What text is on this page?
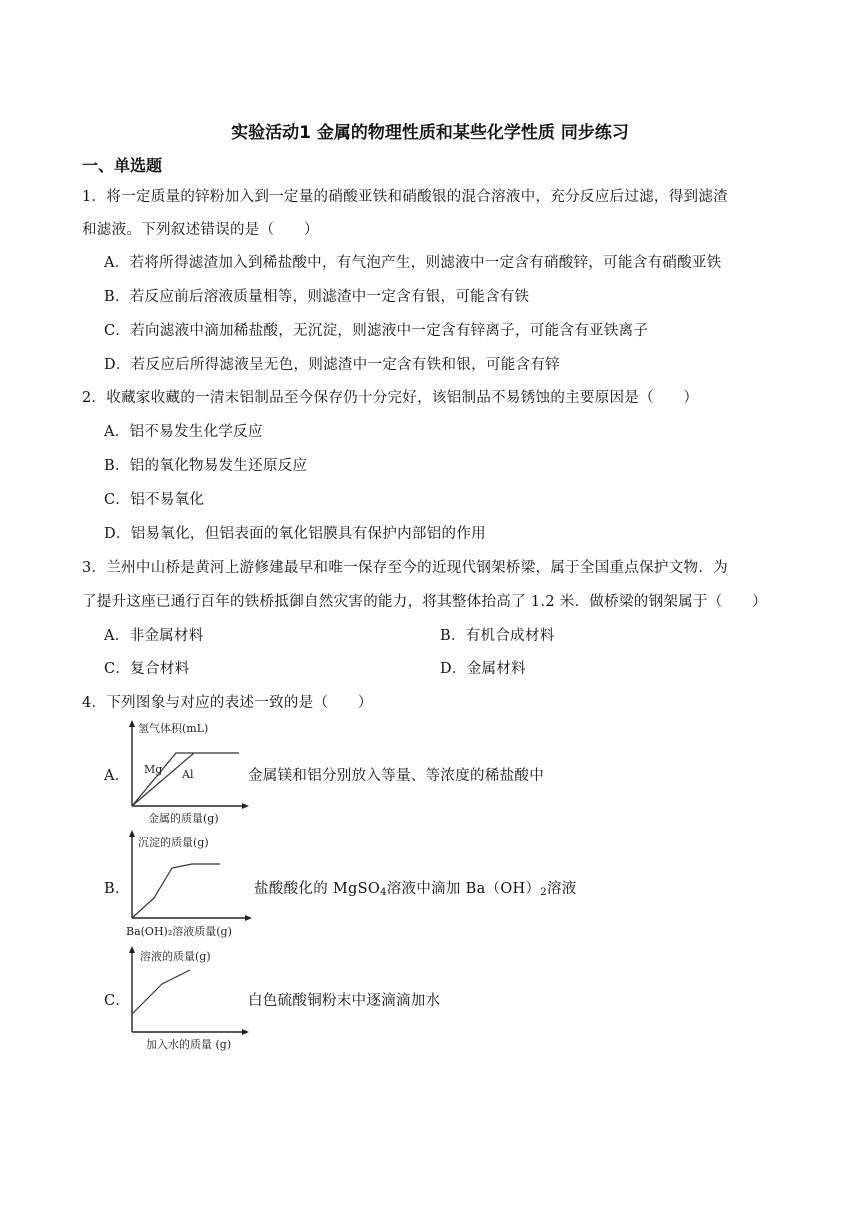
实验活动1 金属的物理性质和某些化学性质 同步练习
一、单选题
1．将一定质量的锌粉加入到一定量的硝酸亚铁和硝酸银的混合溶液中，充分反应后过滤，得到滤渣
和滤液。下列叙述错误的是（　　）
A．若将所得滤渣加入到稀盐酸中，有气泡产生，则滤液中一定含有硝酸锌，可能含有硝酸亚铁
B．若反应前后溶液质量相等，则滤渣中一定含有银，可能含有铁
C．若向滤液中滴加稀盐酸，无沉淀，则滤液中一定含有锌离子，可能含有亚铁离子
D．若反应后所得滤液呈无色，则滤渣中一定含有铁和银，可能含有锌
2．收藏家收藏的一清末铝制品至今保存仍十分完好，该铝制品不易锈蚀的主要原因是（　　）
A．铝不易发生化学反应
B．铝的氧化物易发生还原反应
C．铝不易氧化
D．铝易氧化，但铝表面的氧化铝膜具有保护内部铝的作用
3．兰州中山桥是黄河上游修建最早和唯一保存至今的近现代钢架桥梁，属于全国重点保护文物．为
了提升这座已通行百年的铁桥抵御自然灾害的能力，将其整体抬高了 1.2 米．做桥梁的钢架属于（　　）
A．非金属材料	B．有机合成材料
C．复合材料	D．金属材料
4．下列图象与对应的表述一致的是（　　）
A．
氢气体积(mL)
Mg Al
金属的质量(g)
金属镁和铝分别放入等量、等浓度的稀盐酸中
B．
沉淀的质量(g)
Ba(OH)₂溶液质量(g)
盐酸酸化的 MgSO$_4$溶液中滴加 $Ba(OH)_2$溶液
C．
溶液的质量(g)
加入水的质量 (g)
白色硫酸铜粉末中逐滴滴加水
